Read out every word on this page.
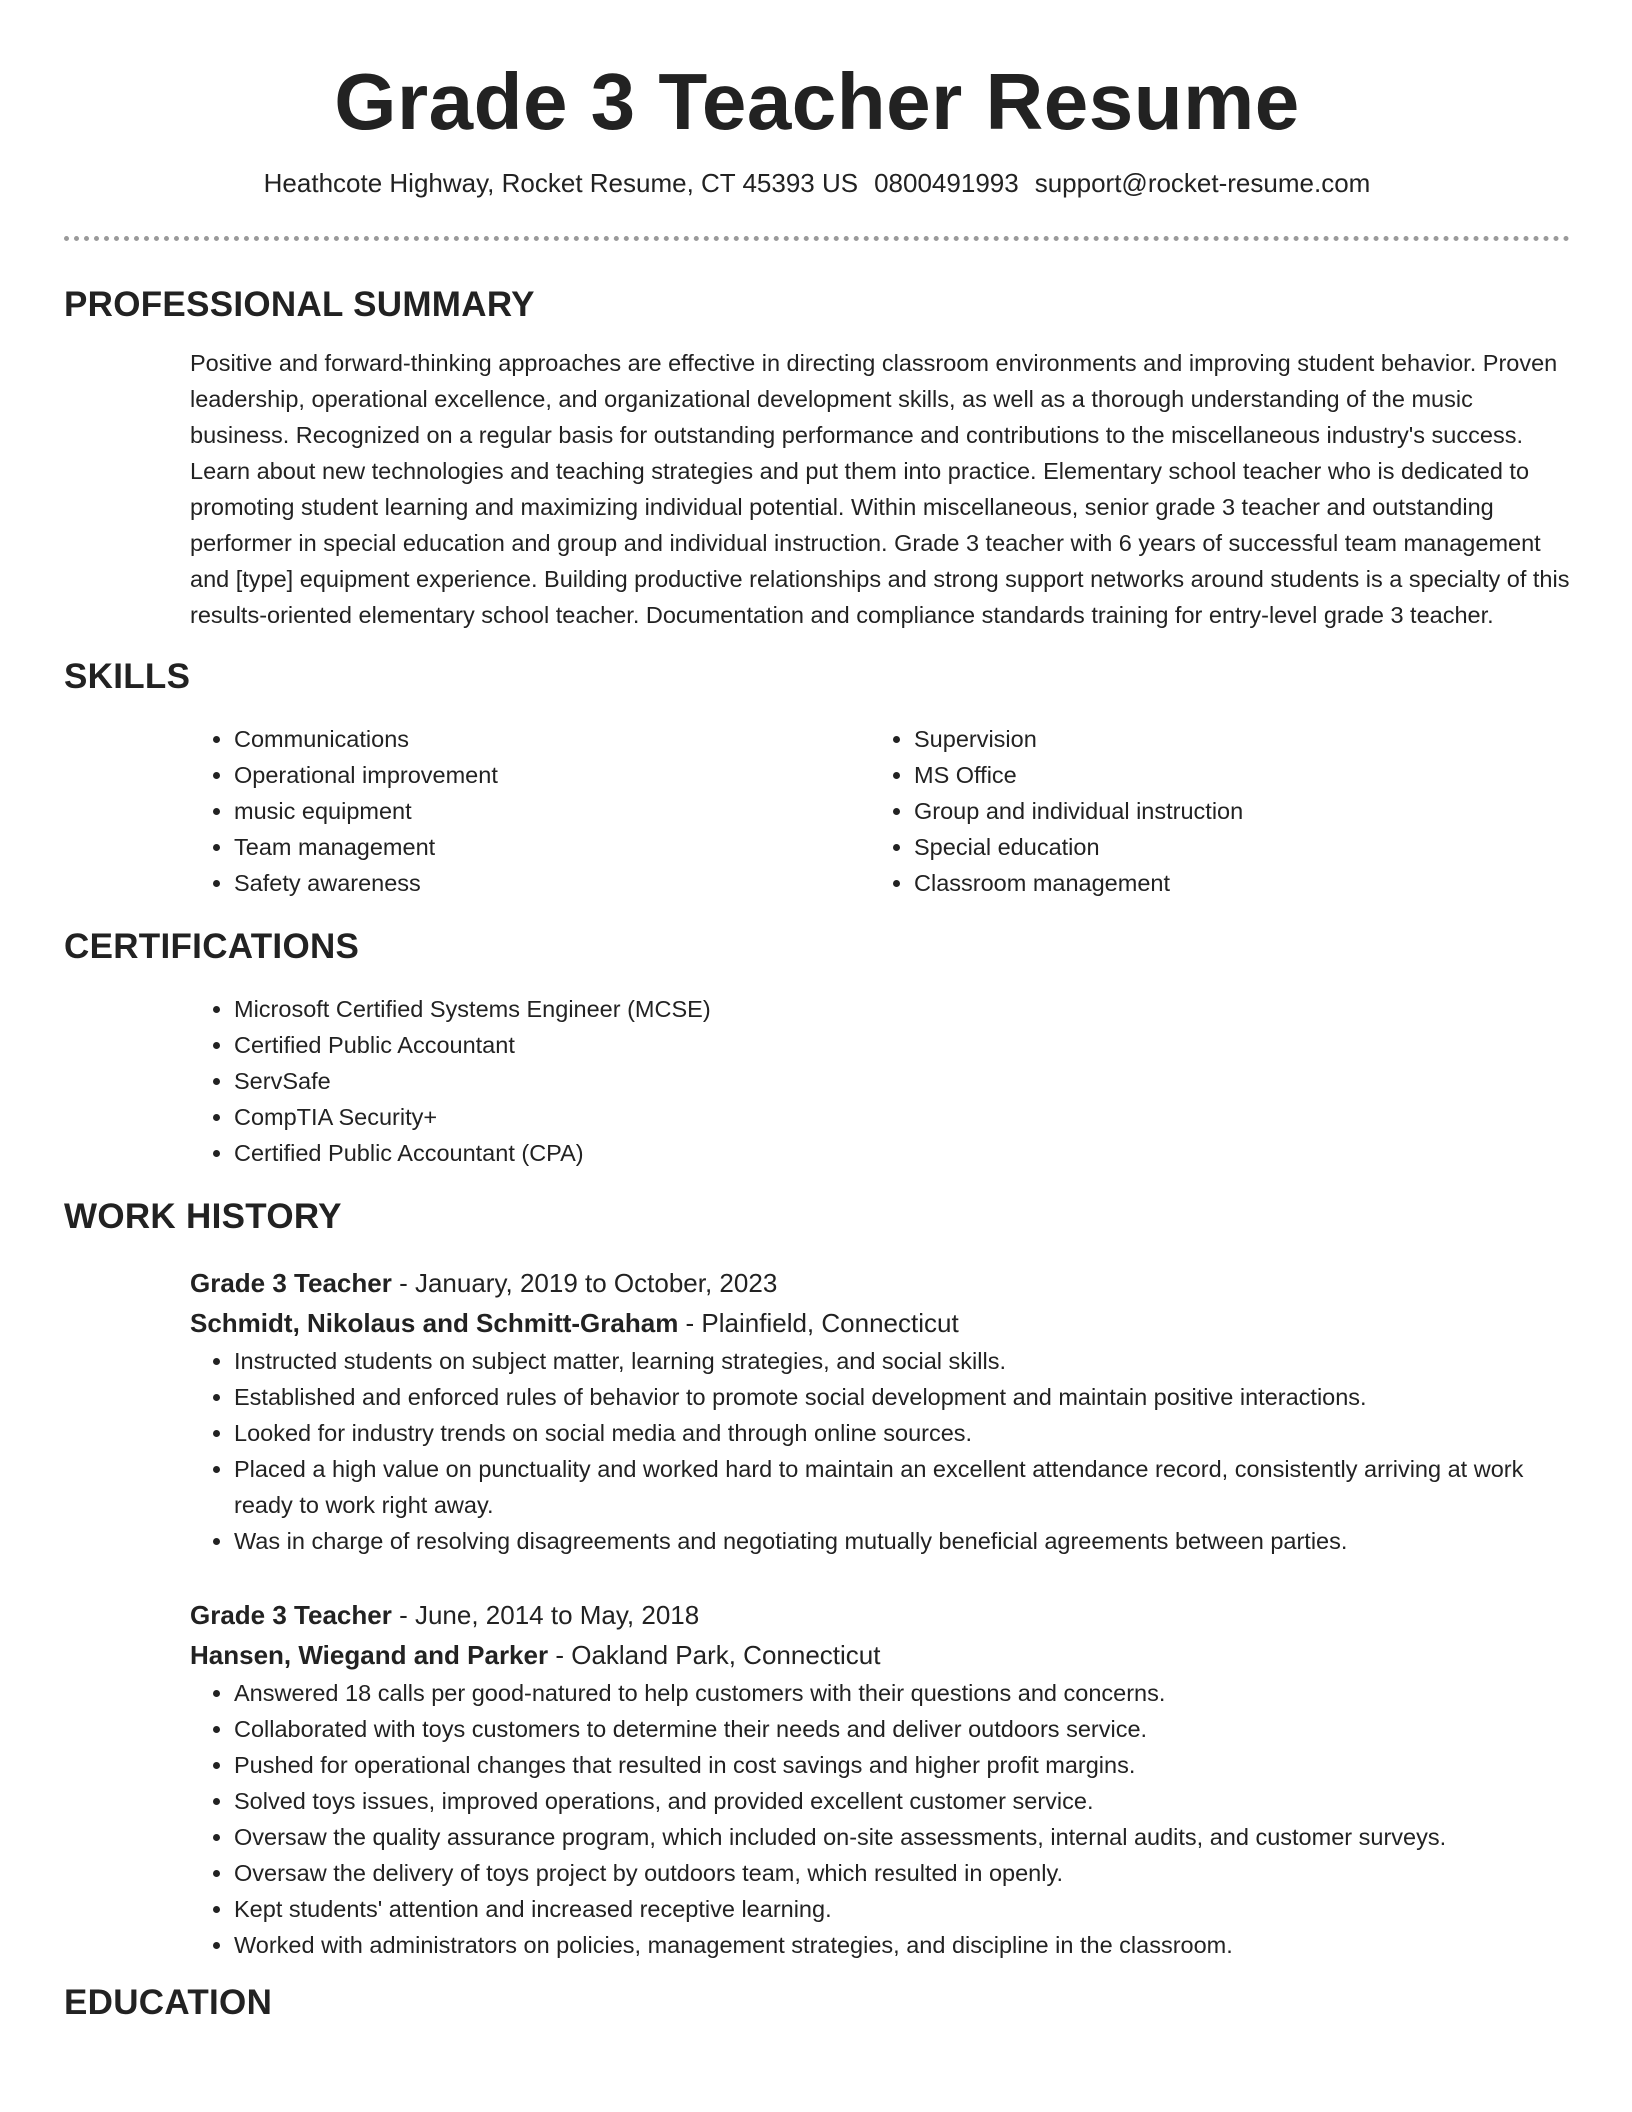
Grade 3 Teacher Resume
Heathcote Highway, Rocket Resume, CT 45393 US 0800491993 support@rocket-resume.com
PROFESSIONAL SUMMARY
Positive and forward-thinking approaches are effective in directing classroom environments and improving student behavior. Proven leadership, operational excellence, and organizational development skills, as well as a thorough understanding of the music business. Recognized on a regular basis for outstanding performance and contributions to the miscellaneous industry's success. Learn about new technologies and teaching strategies and put them into practice. Elementary school teacher who is dedicated to promoting student learning and maximizing individual potential. Within miscellaneous, senior grade 3 teacher and outstanding performer in special education and group and individual instruction. Grade 3 teacher with 6 years of successful team management and [type] equipment experience. Building productive relationships and strong support networks around students is a specialty of this results-oriented elementary school teacher. Documentation and compliance standards training for entry-level grade 3 teacher.
SKILLS
• Communications
• Operational improvement
• music equipment
• Team management
• Safety awareness
• Supervision
• MS Office
• Group and individual instruction
• Special education
• Classroom management
CERTIFICATIONS
• Microsoft Certified Systems Engineer (MCSE)
• Certified Public Accountant
• ServSafe
• CompTIA Security+
• Certified Public Accountant (CPA)
WORK HISTORY
Grade 3 Teacher - January, 2019 to October, 2023
Schmidt, Nikolaus and Schmitt-Graham - Plainfield, Connecticut
• Instructed students on subject matter, learning strategies, and social skills.
• Established and enforced rules of behavior to promote social development and maintain positive interactions.
• Looked for industry trends on social media and through online sources.
• Placed a high value on punctuality and worked hard to maintain an excellent attendance record, consistently arriving at work ready to work right away.
• Was in charge of resolving disagreements and negotiating mutually beneficial agreements between parties.
Grade 3 Teacher - June, 2014 to May, 2018
Hansen, Wiegand and Parker - Oakland Park, Connecticut
• Answered 18 calls per good-natured to help customers with their questions and concerns.
• Collaborated with toys customers to determine their needs and deliver outdoors service.
• Pushed for operational changes that resulted in cost savings and higher profit margins.
• Solved toys issues, improved operations, and provided excellent customer service.
• Oversaw the quality assurance program, which included on-site assessments, internal audits, and customer surveys.
• Oversaw the delivery of toys project by outdoors team, which resulted in openly.
• Kept students' attention and increased receptive learning.
• Worked with administrators on policies, management strategies, and discipline in the classroom.
EDUCATION
